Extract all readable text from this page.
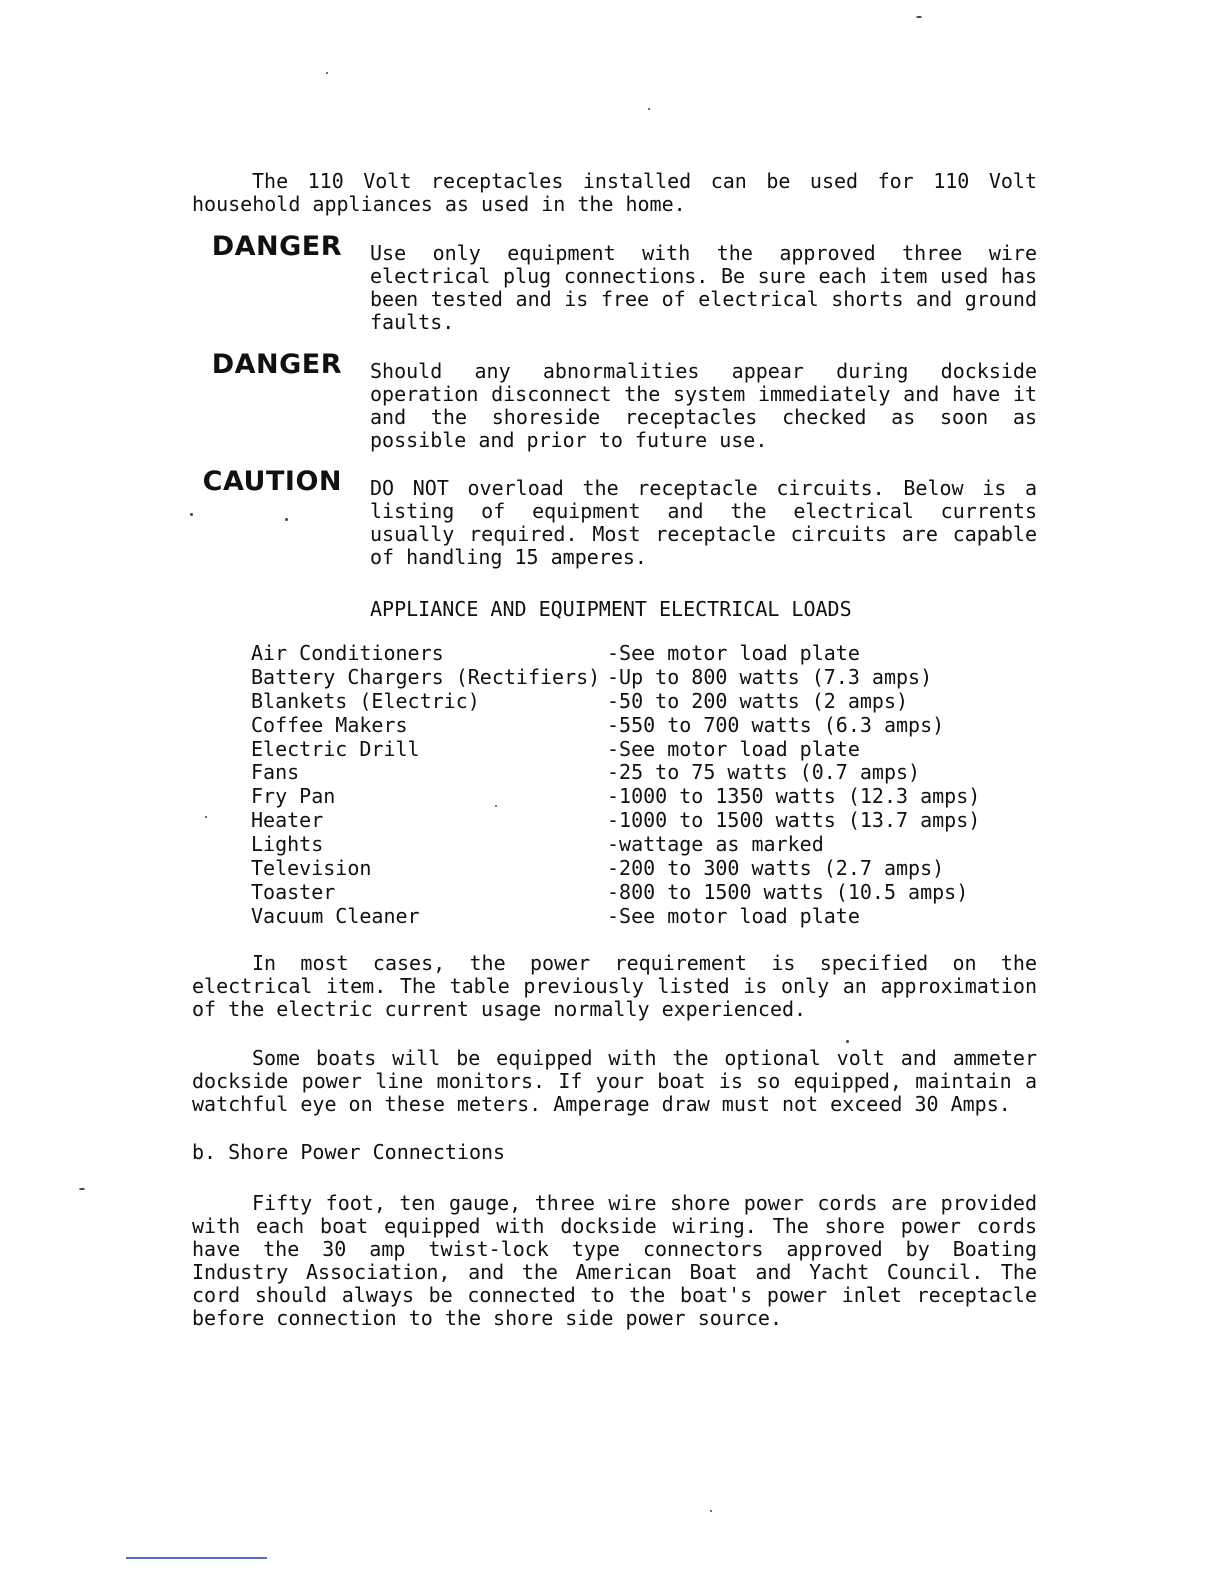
The 110 Volt receptacles installed can be used for 110 Volt household appliances as used in the home.

DANGER Use only equipment with the approved three wire electrical plug connections. Be sure each item used has been tested and is free of electrical shorts and ground faults.

DANGER Should any abnormalities appear during dockside operation disconnect the system immediately and have it and the shoreside receptacles checked as soon as possible and prior to future use.

CAUTION DO NOT overload the receptacle circuits. Below is a listing of equipment and the electrical currents usually required. Most receptacle circuits are capable of handling 15 amperes.

APPLIANCE AND EQUIPMENT ELECTRICAL LOADS
Air Conditioners	-See motor load plate
Battery Chargers (Rectifiers) -Up to 800 watts (7.3 amps)
Blankets (Electric)	-50 to 200 watts (2 amps)
Coffee Makers	-550 to 700 watts (6.3 amps)
Electric Drill	-See motor load plate
Fans	-25 to 75 watts (0.7 amps)
Fry Pan	-1000 to 1350 watts (12.3 amps)
Heater	-1000 to 1500 watts (13.7 amps)
Lights	-wattage as marked
Television	-200 to 300 watts (2.7 amps)
Toaster	-800 to 1500 watts (10.5 amps)
Vacuum Cleaner	-See motor load plate

In most cases, the power requirement is specified on the electrical item. The table previously listed is only an approximation of the electric current usage normally experienced.

Some boats will be equipped with the optional volt and ammeter dockside power line monitors. If your boat is so equipped, maintain a watchful eye on these meters. Amperage draw must not exceed 30 Amps.

b. Shore Power Connections

Fifty foot, ten gauge, three wire shore power cords are provided with each boat equipped with dockside wiring. The shore power cords have the 30 amp twist-lock type connectors approved by Boating Industry Association, and the American Boat and Yacht Council. The cord should always be connected to the boat's power inlet receptacle before connection to the shore side power source.
